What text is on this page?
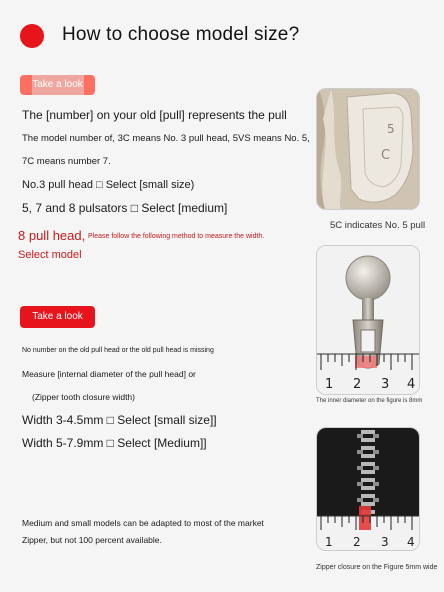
How to choose model size?
Take a look
The [number] on your old [pull] represents the pull
The model number of, 3C means No. 3 pull head, 5VS means No. 5,
7C means number 7.
No.3 pull head □ Select [small size)
5, 7 and 8 pulsators □ Select [medium]
8 pull head, Please follow the following method to measure the width.
Select model
Take a look
No number on the old pull head or the old pull head is missing
Measure [internal diameter of the pull head] or
(Zipper tooth closure width)
Width 3-4.5mm □ Select [small size]]
Width 5-7.9mm □ Select [Medium]]
Medium and small models can be adapted to most of the market
Zipper, but not 100 percent available.
5
C
5C indicates No. 5 pull
1 2 3 4
The inner diameter on the figure is 8mm
1 2 3 4
Zipper closure on the Figure 5mm wide
